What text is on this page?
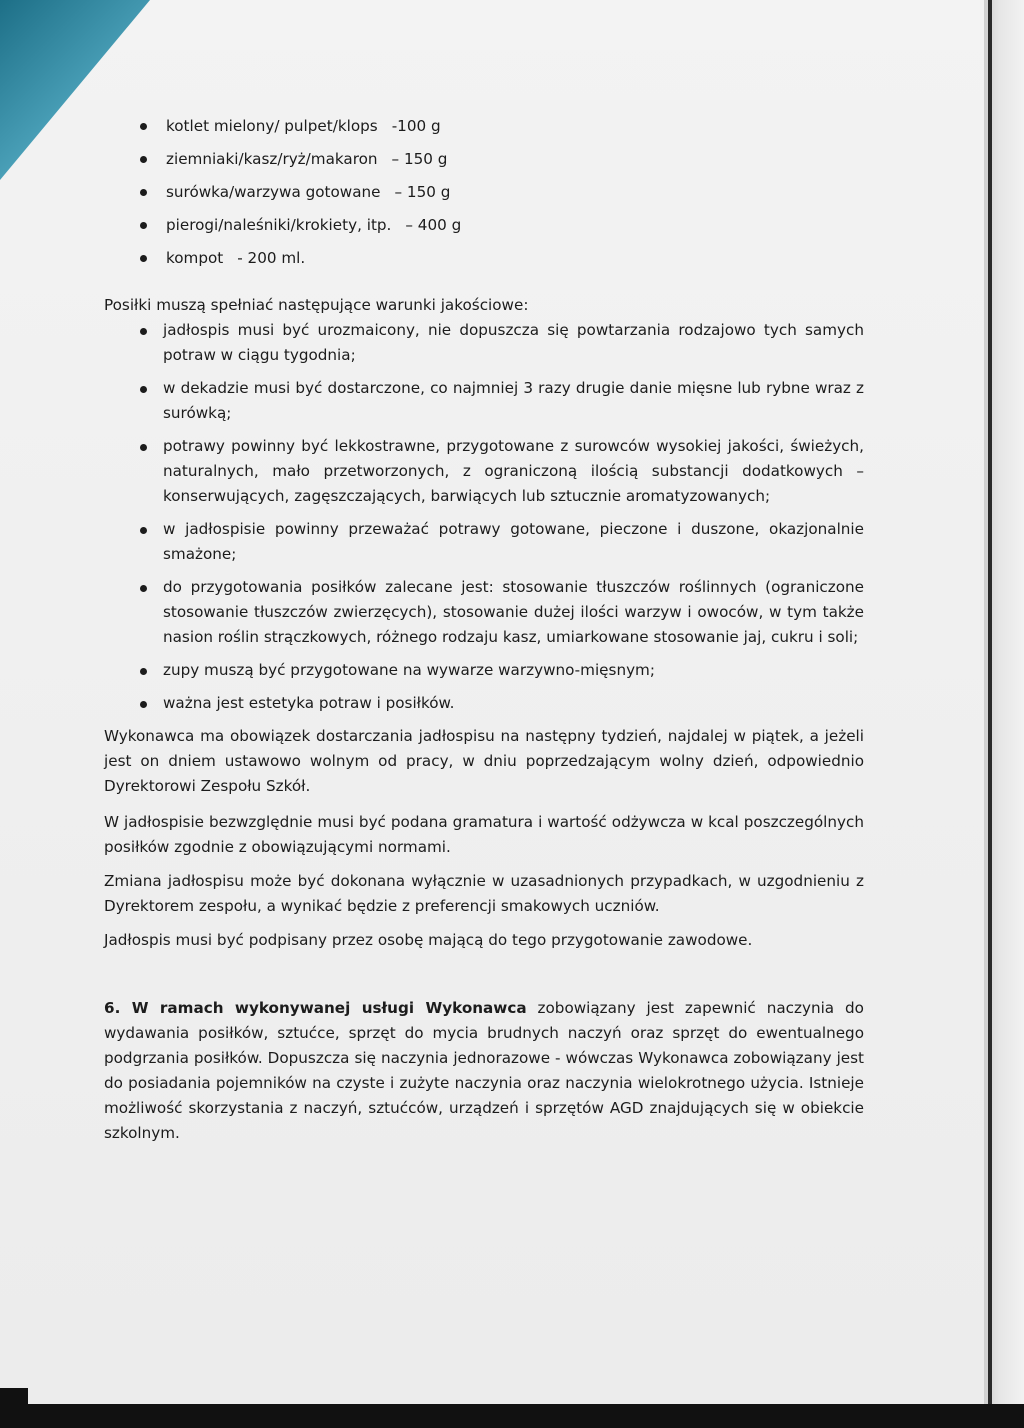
kotlet mielony/ pulpet/klops -100 g
ziemniaki/kasz/ryż/makaron – 150 g
surówka/warzywa gotowane – 150 g
pierogi/naleśniki/krokiety, itp. – 400 g
kompot - 200 ml.

Posiłki muszą spełniać następujące warunki jakościowe:

jadłospis musi być urozmaicony, nie dopuszcza się powtarzania rodzajowo tych samych potraw w ciągu tygodnia;
w dekadzie musi być dostarczone, co najmniej 3 razy drugie danie mięsne lub rybne wraz z surówką;
potrawy powinny być lekkostrawne, przygotowane z surowców wysokiej jakości, świeżych, naturalnych, mało przetworzonych, z ograniczoną ilością substancji dodatkowych – konserwujących, zagęszczających, barwiących lub sztucznie aromatyzowanych;
w jadłospisie powinny przeważać potrawy gotowane, pieczone i duszone, okazjonalnie smażone;
do przygotowania posiłków zalecane jest: stosowanie tłuszczów roślinnych (ograniczone stosowanie tłuszczów zwierzęcych), stosowanie dużej ilości warzyw i owoców, w tym także nasion roślin strączkowych, różnego rodzaju kasz, umiarkowane stosowanie jaj, cukru i soli;
zupy muszą być przygotowane na wywarze warzywno-mięsnym;
ważna jest estetyka potraw i posiłków.

Wykonawca ma obowiązek dostarczania jadłospisu na następny tydzień, najdalej w piątek, a jeżeli jest on dniem ustawowo wolnym od pracy, w dniu poprzedzającym wolny dzień, odpowiednio Dyrektorowi Zespołu Szkół.

W jadłospisie bezwzględnie musi być podana gramatura i wartość odżywcza w kcal poszczególnych posiłków zgodnie z obowiązującymi normami.

Zmiana jadłospisu może być dokonana wyłącznie w uzasadnionych przypadkach, w uzgodnieniu z Dyrektorem zespołu, a wynikać będzie z preferencji smakowych uczniów.

Jadłospis musi być podpisany przez osobę mającą do tego przygotowanie zawodowe.

6. W ramach wykonywanej usługi Wykonawca zobowiązany jest zapewnić naczynia do wydawania posiłków, sztućce, sprzęt do mycia brudnych naczyń oraz sprzęt do ewentualnego podgrzania posiłków. Dopuszcza się naczynia jednorazowe - wówczas Wykonawca zobowiązany jest do posiadania pojemników na czyste i zużyte naczynia oraz naczynia wielokrotnego użycia. Istnieje możliwość skorzystania z naczyń, sztućców, urządzeń i sprzętów AGD znajdujących się w obiekcie szkolnym.
